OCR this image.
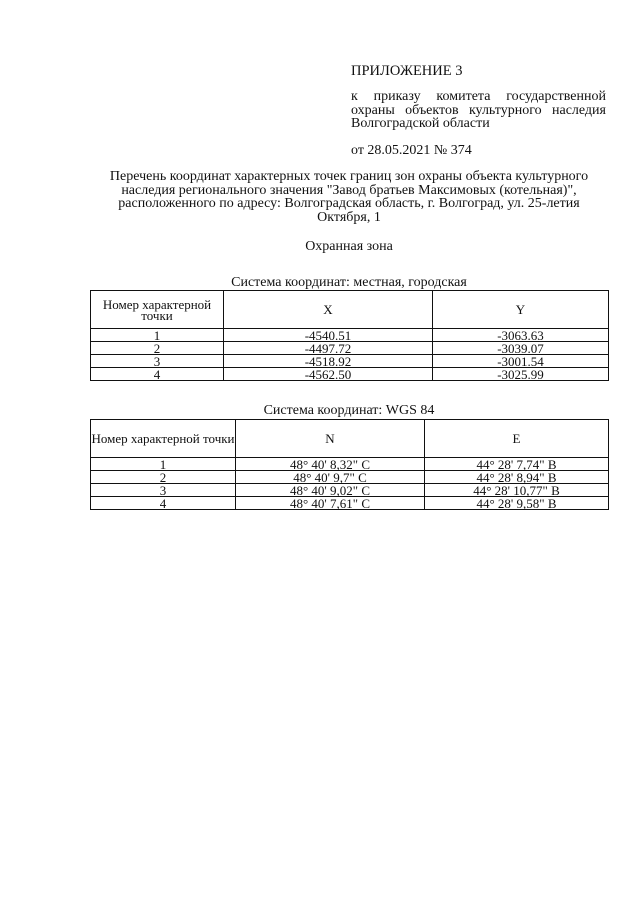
ПРИЛОЖЕНИЕ 3
к приказу комитета государственной охраны объектов культурного наследия Волгоградской области
от 28.05.2021 № 374
Перечень координат характерных точек границ зон охраны объекта культурного наследия регионального значения "Завод братьев Максимовых (котельная)", расположенного по адресу: Волгоградская область, г. Волгоград, ул. 25-летия Октября, 1
Охранная зона
Система координат: местная, городская
Номер характерной точки	X	Y
1	-4540.51	-3063.63
2	-4497.72	-3039.07
3	-4518.92	-3001.54
4	-4562.50	-3025.99
Система координат: WGS 84
Номер характерной точки	N	E
1	48° 40' 8,32" С	44° 28' 7,74" В
2	48° 40' 9,7" С	44° 28' 8,94" В
3	48° 40' 9,02" С	44° 28' 10,77" В
4	48° 40' 7,61" С	44° 28' 9,58" В
